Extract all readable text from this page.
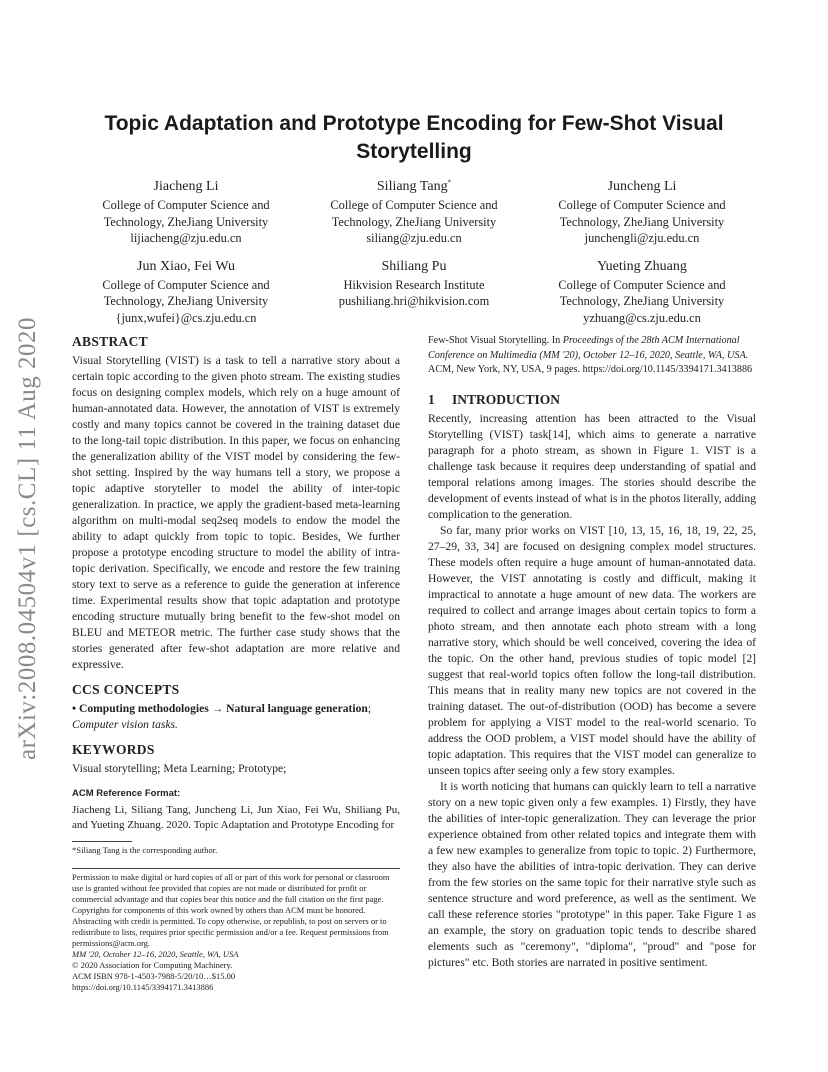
arXiv:2008.04504v1 [cs.CL] 11 Aug 2020
Topic Adaptation and Prototype Encoding for Few-Shot Visual Storytelling
Jiacheng Li
College of Computer Science and
Technology, ZheJiang University
lijiacheng@zju.edu.cn
Siliang Tang*
College of Computer Science and
Technology, ZheJiang University
siliang@zju.edu.cn
Juncheng Li
College of Computer Science and
Technology, ZheJiang University
junchengli@zju.edu.cn
Jun Xiao, Fei Wu
College of Computer Science and
Technology, ZheJiang University
{junx,wufei}@cs.zju.edu.cn
Shiliang Pu
Hikvision Research Institute
pushiliang.hri@hikvision.com
Yueting Zhuang
College of Computer Science and
Technology, ZheJiang University
yzhuang@cs.zju.edu.cn
ABSTRACT

Visual Storytelling (VIST) is a task to tell a narrative story about a certain topic according to the given photo stream. The existing studies focus on designing complex models, which rely on a huge amount of human-annotated data. However, the annotation of VIST is extremely costly and many topics cannot be covered in the training dataset due to the long-tail topic distribution. In this paper, we focus on enhancing the generalization ability of the VIST model by considering the few-shot setting. Inspired by the way humans tell a story, we propose a topic adaptive storyteller to model the ability of inter-topic generalization. In practice, we apply the gradient-based meta-learning algorithm on multi-modal seq2seq models to endow the model the ability to adapt quickly from topic to topic. Besides, We further propose a prototype encoding structure to model the ability of intra-topic derivation. Specifically, we encode and restore the few training story text to serve as a reference to guide the generation at inference time. Experimental results show that topic adaptation and prototype encoding structure mutually bring benefit to the few-shot model on BLEU and METEOR metric. The further case study shows that the stories generated after few-shot adaptation are more relative and expressive.

CCS CONCEPTS

• Computing methodologies → Natural language generation;
Computer vision tasks.

KEYWORDS

Visual storytelling; Meta Learning; Prototype;

ACM Reference Format:
Jiacheng Li, Siliang Tang, Juncheng Li, Jun Xiao, Fei Wu, Shiliang Pu, and Yueting Zhuang. 2020. Topic Adaptation and Prototype Encoding for
*Siliang Tang is the corresponding author.
Permission to make digital or hard copies of all or part of this work for personal or classroom use is granted without fee provided that copies are not made or distributed for profit or commercial advantage and that copies bear this notice and the full citation on the first page. Copyrights for components of this work owned by others than ACM must be honored. Abstracting with credit is permitted. To copy otherwise, or republish, to post on servers or to redistribute to lists, requires prior specific permission and/or a fee. Request permissions from permissions@acm.org.
MM '20, October 12–16, 2020, Seattle, WA, USA
© 2020 Association for Computing Machinery.
ACM ISBN 978-1-4503-7988-5/20/10…$15.00
https://doi.org/10.1145/3394171.3413886
Few-Shot Visual Storytelling. In Proceedings of the 28th ACM International Conference on Multimedia (MM '20), October 12–16, 2020, Seattle, WA, USA. ACM, New York, NY, USA, 9 pages. https://doi.org/10.1145/3394171.3413886
1 INTRODUCTION

Recently, increasing attention has been attracted to the Visual Storytelling (VIST) task[14], which aims to generate a narrative paragraph for a photo stream, as shown in Figure 1. VIST is a challenge task because it requires deep understanding of spatial and temporal relations among images. The stories should describe the development of events instead of what is in the photos literally, adding complication to the generation.

So far, many prior works on VIST [10, 13, 15, 16, 18, 19, 22, 25, 27–29, 33, 34] are focused on designing complex model structures. These models often require a huge amount of human-annotated data. However, the VIST annotating is costly and difficult, making it impractical to annotate a huge amount of new data. The workers are required to collect and arrange images about certain topics to form a photo stream, and then annotate each photo stream with a long narrative story, which should be well conceived, covering the idea of the topic. On the other hand, previous studies of topic model [2] suggest that real-world topics often follow the long-tail distribution. This means that in reality many new topics are not covered in the training dataset. The out-of-distribution (OOD) has become a severe problem for applying a VIST model to the real-world scenario. To address the OOD problem, a VIST model should have the ability of topic adaptation. This requires that the VIST model can generalize to unseen topics after seeing only a few story examples.

It is worth noticing that humans can quickly learn to tell a narrative story on a new topic given only a few examples. 1) Firstly, they have the abilities of inter-topic generalization. They can leverage the prior experience obtained from other related topics and integrate them with a few new examples to generalize from topic to topic. 2) Furthermore, they also have the abilities of intra-topic derivation. They can derive from the few stories on the same topic for their narrative style such as sentence structure and word preference, as well as the sentiment. We call these reference stories "prototype" in this paper. Take Figure 1 as an example, the story on graduation topic tends to describe shared elements such as "ceremony", "diploma", "proud" and "pose for pictures" etc. Both stories are narrated in positive sentiment.
